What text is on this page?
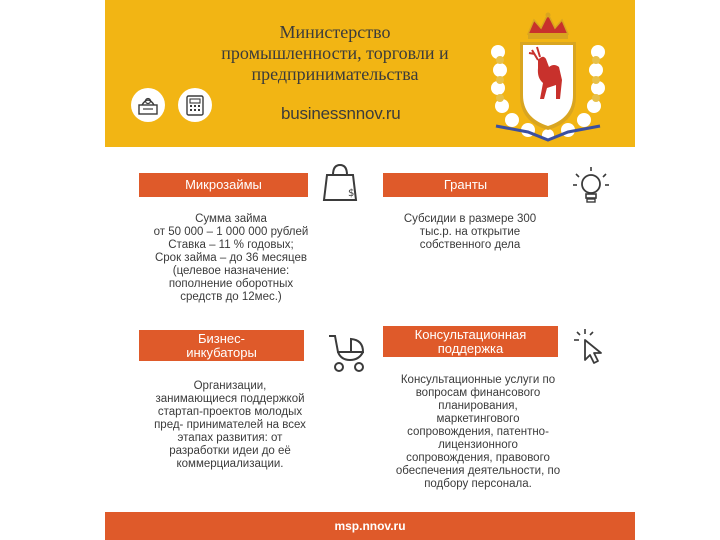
Министерство
промышленности, торговли и
предпринимательства
businessnnov.ru
Микрозаймы
$
Сумма займа
от 50 000 – 1 000 000 рублей
Ставка – 11 % годовых;
Срок займа – до 36 месяцев
(целевое назначение:
пополнение оборотных
средств до 12мес.)
Гранты
Субсидии в размере 300
тыс.р. на открытие
собственного дела
Бизнес-
инкубаторы
Организации,
занимающиеся поддержкой
стартап-проектов молодых
пред- принимателей на всех
этапах развития: от
разработки идеи до её
коммерциализации.
Консультационная
поддержка
Консультационные услуги по
вопросам финансового
планирования,
маркетингового
сопровождения, патентно-
лицензионного
сопровождения, правового
обеспечения деятельности, по
подбору персонала.
msp.nnov.ru
